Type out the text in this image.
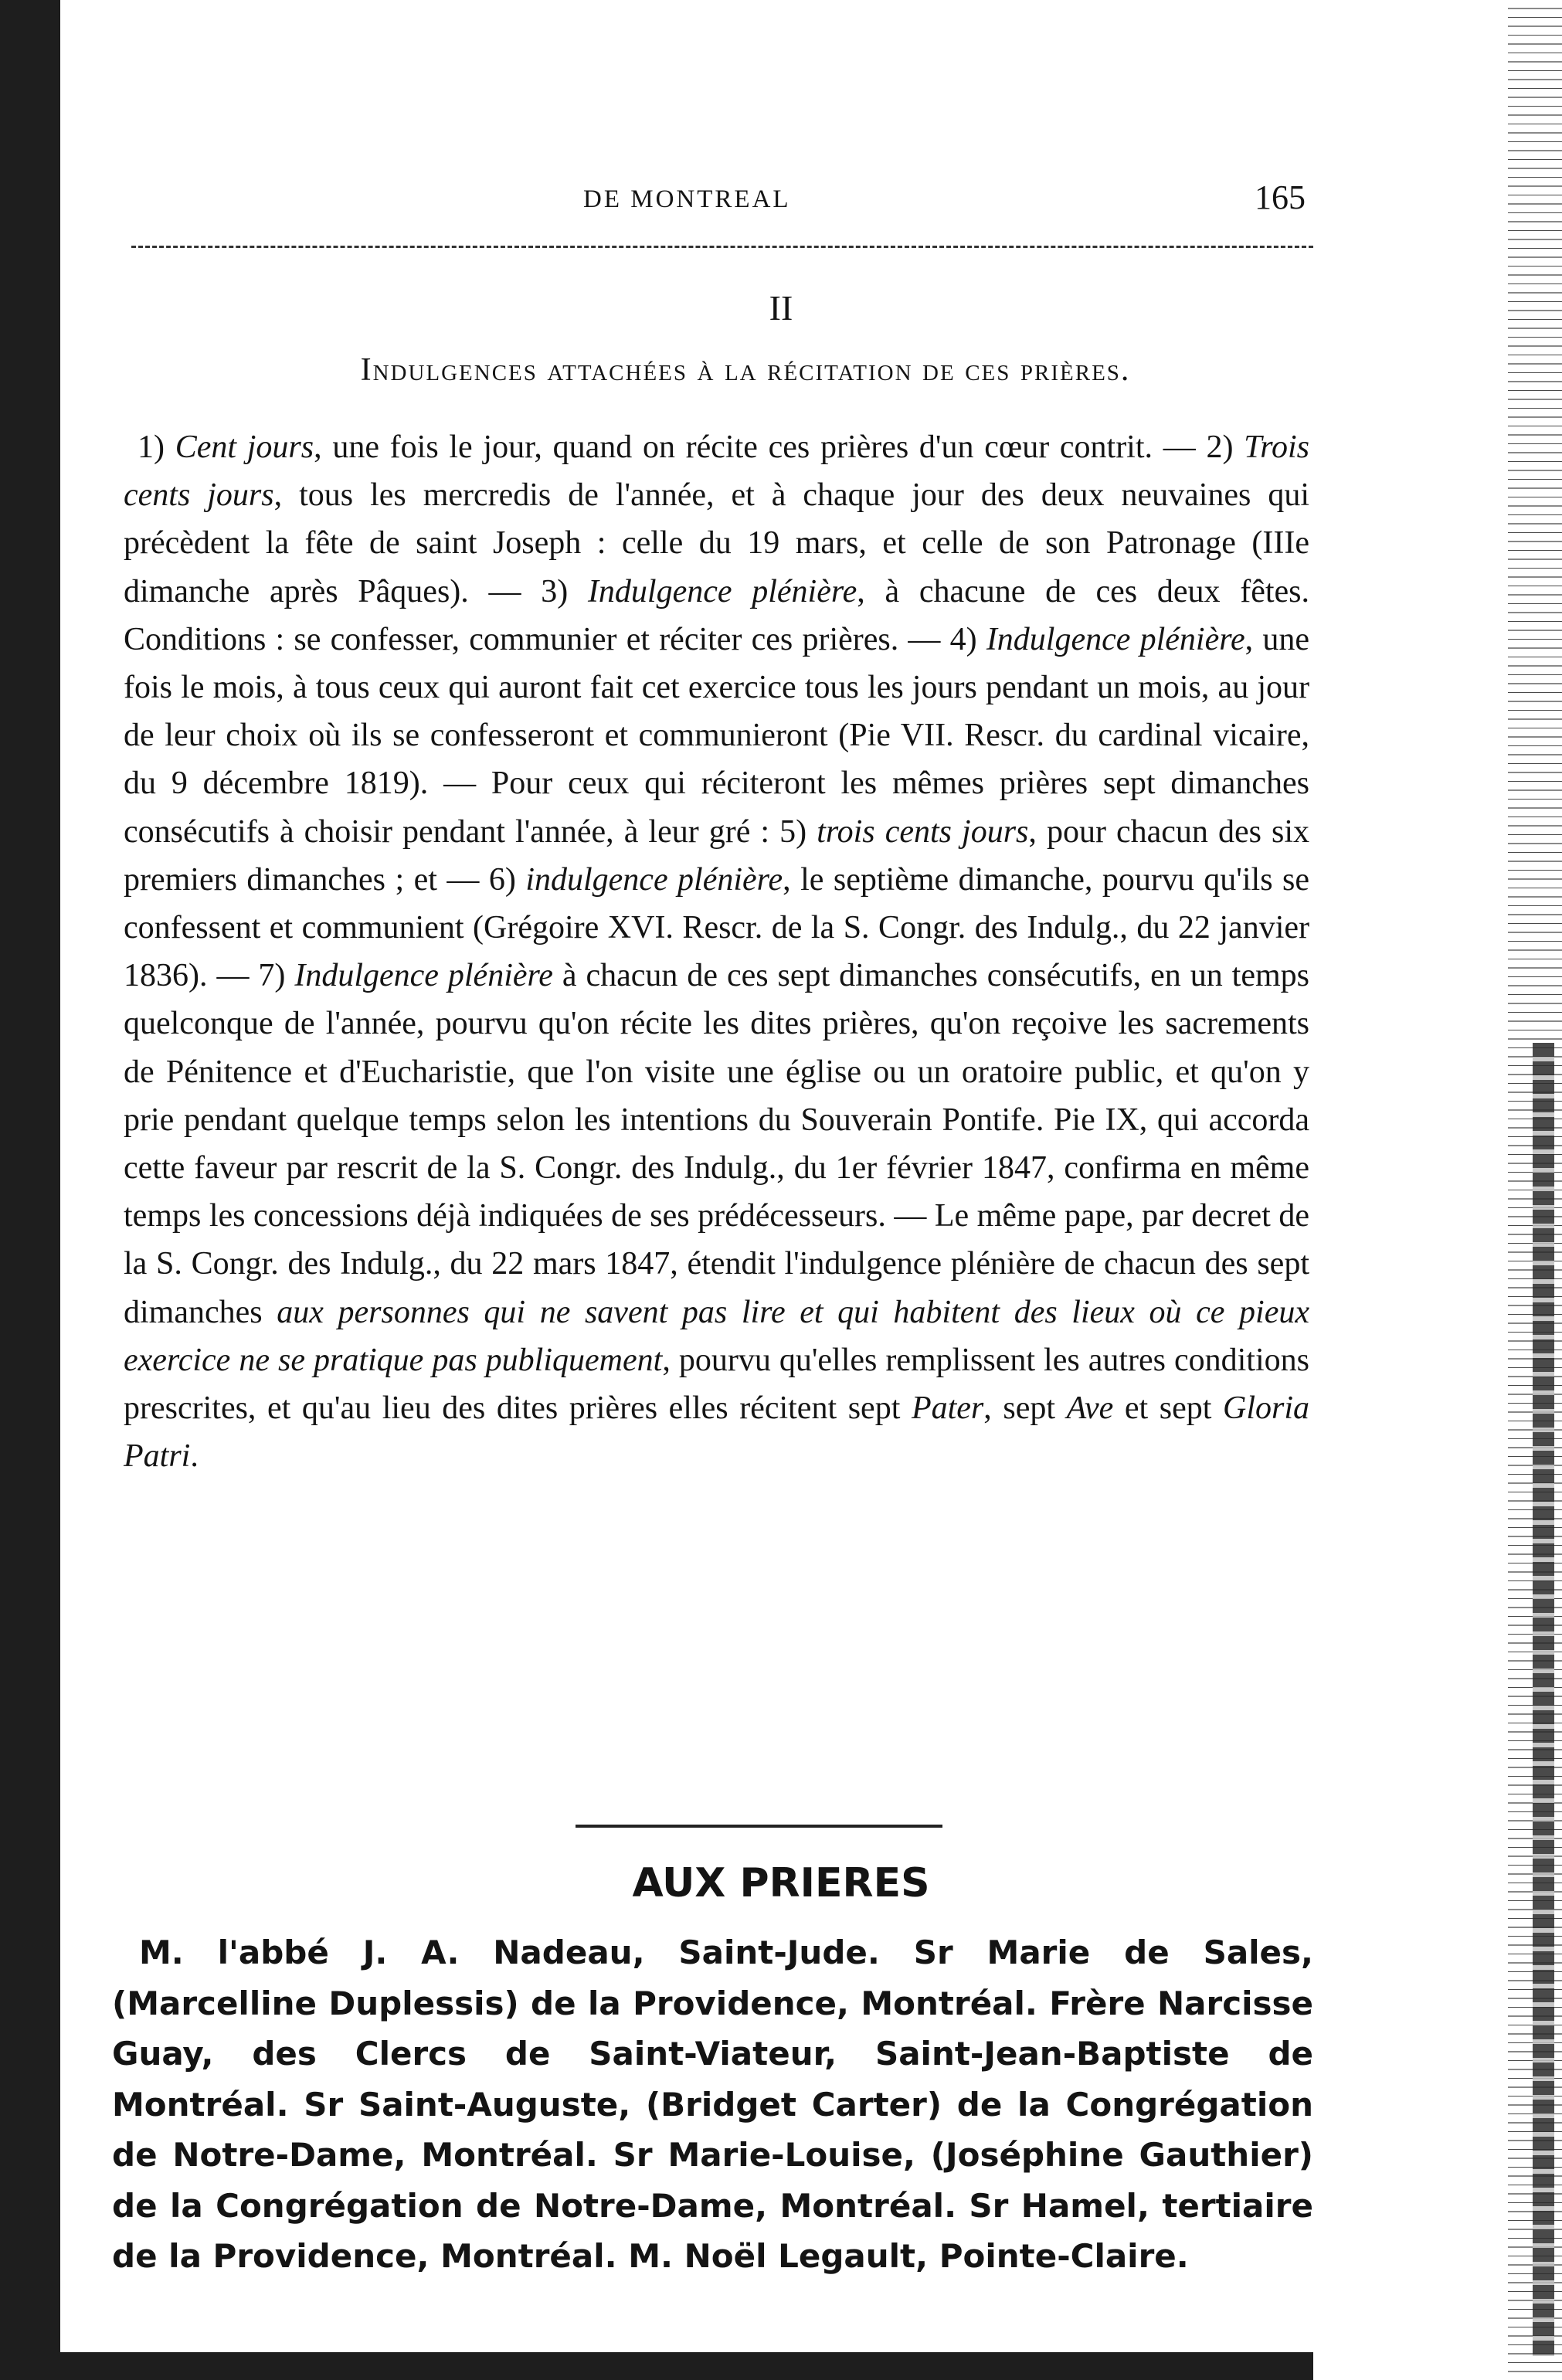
DE MONTREAL	165
II
Indulgences attachées à la récitation de ces prières.

1) Cent jours, une fois le jour, quand on récite ces prières d'un cœur contrit. — 2) Trois cents jours, tous les mercredis de l'année, et à chaque jour des deux neuvaines qui précèdent la fête de saint Joseph : celle du 19 mars, et celle de son Patronage (IIIe dimanche après Pâques). — 3) Indulgence plénière, à chacune de ces deux fêtes. Conditions : se confesser, communier et réciter ces prières. — 4) Indulgence plénière, une fois le mois, à tous ceux qui auront fait cet exercice tous les jours pendant un mois, au jour de leur choix où ils se confesseront et communieront (Pie VII. Rescr. du cardinal vicaire, du 9 décembre 1819). — Pour ceux qui réciteront les mêmes prières sept dimanches consécutifs à choisir pendant l'année, à leur gré : 5) trois cents jours, pour chacun des six premiers dimanches ; et — 6) indulgence plénière, le septième dimanche, pourvu qu'ils se confessent et communient (Grégoire XVI. Rescr. de la S. Congr. des Indulg., du 22 janvier 1836). — 7) Indulgence plénière à chacun de ces sept dimanches consécutifs, en un temps quelconque de l'année, pourvu qu'on récite les dites prières, qu'on reçoive les sacrements de Pénitence et d'Eucharistie, que l'on visite une église ou un oratoire public, et qu'on y prie pendant quelque temps selon les intentions du Souverain Pontife. Pie IX, qui accorda cette faveur par rescrit de la S. Congr. des Indulg., du 1er février 1847, confirma en même temps les concessions déjà indiquées de ses prédécesseurs. — Le même pape, par decret de la S. Congr. des Indulg., du 22 mars 1847, étendit l'indulgence plénière de chacun des sept dimanches aux personnes qui ne savent pas lire et qui habitent des lieux où ce pieux exercice ne se pratique pas publiquement, pourvu qu'elles remplissent les autres conditions prescrites, et qu'au lieu des dites prières elles récitent sept Pater, sept Ave et sept Gloria Patri.

AUX PRIERES

M. l'abbé J. A. Nadeau, Saint-Jude. Sr Marie de Sales, (Marcelline Duplessis) de la Providence, Montréal. Frère Narcisse Guay, des Clercs de Saint-Viateur, Saint-Jean-Baptiste de Montréal. Sr Saint-Auguste, (Bridget Carter) de la Congrégation de Notre-Dame, Montréal. Sr Marie-Louise, (Joséphine Gauthier) de la Congrégation de Notre-Dame, Montréal. Sr Hamel, tertiaire de la Providence, Montréal. M. Noël Legault, Pointe-Claire.
